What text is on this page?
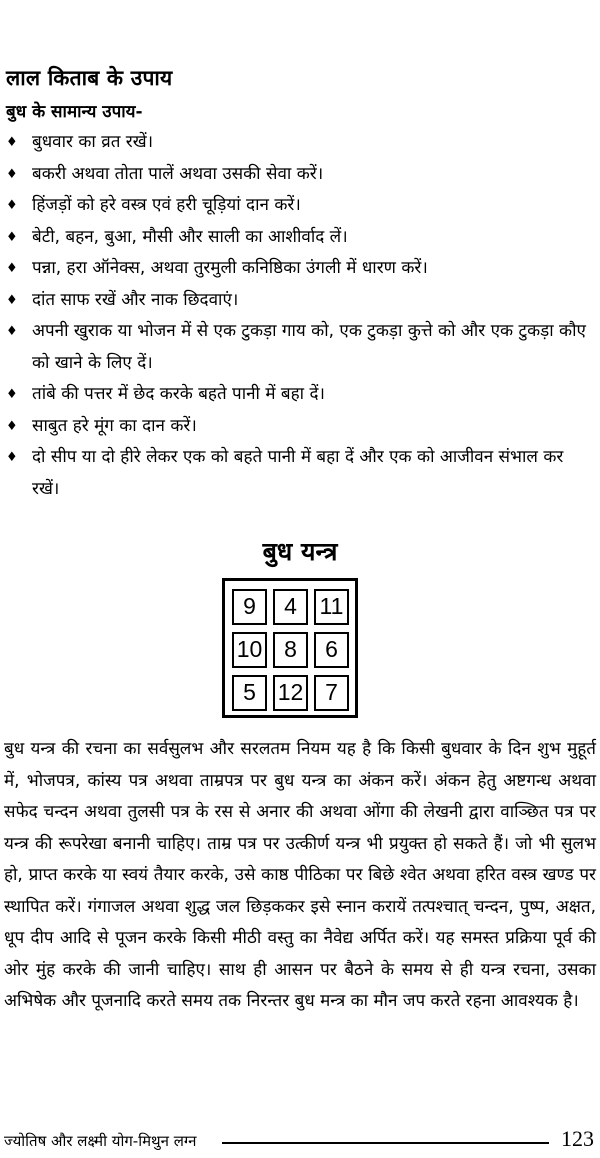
लाल किताब के उपाय
बुध के सामान्य उपाय-
♦ बुधवार का व्रत रखें।
♦ बकरी अथवा तोता पालें अथवा उसकी सेवा करें।
♦ हिंजड़ों को हरे वस्त्र एवं हरी चूड़ियां दान करें।
♦ बेटी, बहन, बुआ, मौसी और साली का आशीर्वाद लें।
♦ पन्ना, हरा ऑनेक्स, अथवा तुरमुली कनिष्ठिका उंगली में धारण करें।
♦ दांत साफ रखें और नाक छिदवाएं।
♦ अपनी खुराक या भोजन में से एक टुकड़ा गाय को, एक टुकड़ा कुत्ते को और एक टुकड़ा कौए को खाने के लिए दें।
♦ तांबे की पत्तर में छेद करके बहते पानी में बहा दें।
♦ साबुत हरे मूंग का दान करें।
♦ दो सीप या दो हीरे लेकर एक को बहते पानी में बहा दें और एक को आजीवन संभाल कर रखें।
बुध यन्त्र
9	4 11
10 8	6
5 12 7

बुध यन्त्र की रचना का सर्वसुलभ और सरलतम नियम यह है कि किसी बुधवार के दिन शुभ मुहूर्त में, भोजपत्र, कांस्य पत्र अथवा ताम्रपत्र पर बुध यन्त्र का अंकन करें। अंकन हेतु अष्टगन्ध अथवा सफेद चन्दन अथवा तुलसी पत्र के रस से अनार की अथवा ओंगा की लेखनी द्वारा वाञ्छित पत्र पर यन्त्र की रूपरेखा बनानी चाहिए। ताम्र पत्र पर उत्कीर्ण यन्त्र भी प्रयुक्त हो सकते हैं। जो भी सुलभ हो, प्राप्त करके या स्वयं तैयार करके, उसे काष्ठ पीठिका पर बिछे श्वेत अथवा हरित वस्त्र खण्ड पर स्थापित करें। गंगाजल अथवा शुद्ध जल छिड़ककर इसे स्नान करायें तत्पश्चात् चन्दन, पुष्प, अक्षत, धूप दीप आदि से पूजन करके किसी मीठी वस्तु का नैवेद्य अर्पित करें। यह समस्त प्रक्रिया पूर्व की ओर मुंह करके की जानी चाहिए। साथ ही आसन पर बैठने के समय से ही यन्त्र रचना, उसका अभिषेक और पूजनादि करते समय तक निरन्तर बुध मन्त्र का मौन जप करते रहना आवश्यक है।

ज्योतिष और लक्ष्मी योग-मिथुन लग्न	123
